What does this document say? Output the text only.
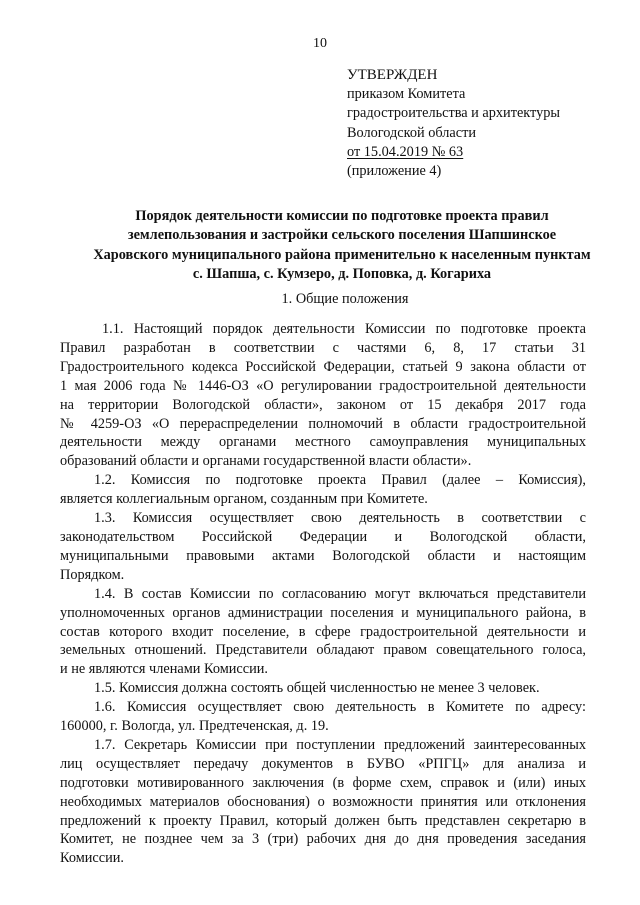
10
УТВЕРЖДЕН
приказом Комитета
градостроительства и архитектуры
Вологодской области
от 15.04.2019 № 63
(приложение 4)
Порядок деятельности комиссии по подготовке проекта правил
землепользования и застройки сельского поселения Шапшинское
Харовского муниципального района применительно к населенным пунктам
с. Шапша, с. Кумзеро, д. Поповка, д. Когариха
1. Общие положения
1.1. Настоящий порядок деятельности Комиссии по подготовке проекта
Правил разработан в соответствии с частями 6, 8, 17 статьи 31
Градостроительного кодекса Российской Федерации, статьей 9 закона области от
1 мая 2006 года № 1446-ОЗ «О регулировании градостроительной деятельности
на территории Вологодской области», законом от 15 декабря 2017 года
№ 4259-ОЗ «О перераспределении полномочий в области градостроительной
деятельности между органами местного самоуправления муниципальных
образований области и органами государственной власти области».
1.2. Комиссия по подготовке проекта Правил (далее – Комиссия),
является коллегиальным органом, созданным при Комитете.
1.3. Комиссия осуществляет свою деятельность в соответствии с
законодательством Российской Федерации и Вологодской области,
муниципальными правовыми актами Вологодской области и настоящим
Порядком.
1.4. В состав Комиссии по согласованию могут включаться представители
уполномоченных органов администрации поселения и муниципального района, в
состав которого входит поселение, в сфере градостроительной деятельности и
земельных отношений. Представители обладают правом совещательного голоса,
и не являются членами Комиссии.
1.5. Комиссия должна состоять общей численностью не менее 3 человек.
1.6. Комиссия осуществляет свою деятельность в Комитете по адресу:
160000, г. Вологда, ул. Предтеченская, д. 19.
1.7. Секретарь Комиссии при поступлении предложений заинтересованных
лиц осуществляет передачу документов в БУВО «РПГЦ» для анализа и
подготовки мотивированного заключения (в форме схем, справок и (или) иных
необходимых материалов обоснования) о возможности принятия или отклонения
предложений к проекту Правил, который должен быть представлен секретарю в
Комитет, не позднее чем за 3 (три) рабочих дня до дня проведения заседания
Комиссии.
